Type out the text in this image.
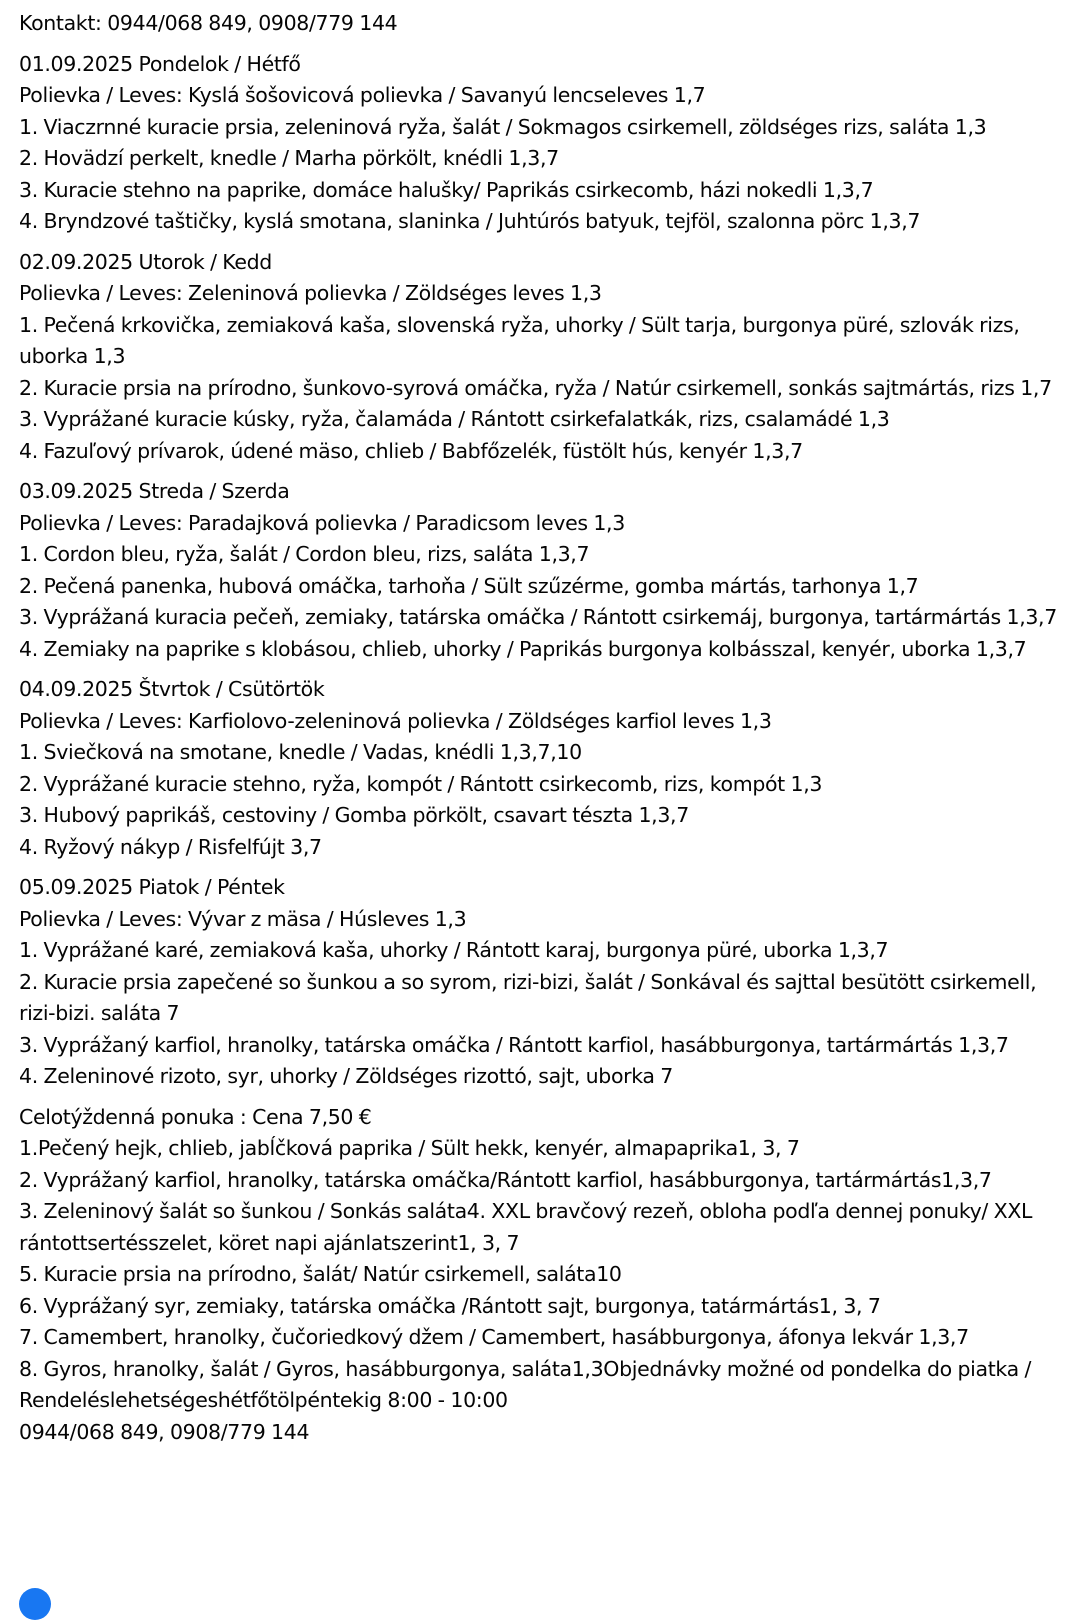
Kontakt: 0944/068 849, 0908/779 144
01.09.2025 Pondelok / Hétfő
Polievka / Leves: Kyslá šošovicová polievka / Savanyú lencseleves 1,7
1. Viaczrnné kuracie prsia, zeleninová ryža, šalát / Sokmagos csirkemell, zöldséges rizs, saláta 1,3
2. Hovädzí perkelt, knedle / Marha pörkölt, knédli 1,3,7
3. Kuracie stehno na paprike, domáce halušky/ Paprikás csirkecomb, házi nokedli 1,3,7
4. Bryndzové taštičky, kyslá smotana, slaninka / Juhtúrós batyuk, tejföl, szalonna pörc 1,3,7
02.09.2025 Utorok / Kedd
Polievka / Leves: Zeleninová polievka / Zöldséges leves 1,3
1. Pečená krkovička, zemiaková kaša, slovenská ryža, uhorky / Sült tarja, burgonya püré, szlovák rizs, uborka 1,3
2. Kuracie prsia na prírodno, šunkovo-syrová omáčka, ryža / Natúr csirkemell, sonkás sajtmártás, rizs 1,7
3. Vyprážané kuracie kúsky, ryža, čalamáda / Rántott csirkefalatkák, rizs, csalamádé 1,3
4. Fazuľový prívarok, údené mäso, chlieb / Babfőzelék, füstölt hús, kenyér 1,3,7
03.09.2025 Streda / Szerda
Polievka / Leves: Paradajková polievka / Paradicsom leves 1,3
1. Cordon bleu, ryža, šalát / Cordon bleu, rizs, saláta 1,3,7
2. Pečená panenka, hubová omáčka, tarhoňa / Sült szűzérme, gomba mártás, tarhonya 1,7
3. Vyprážaná kuracia pečeň, zemiaky, tatárska omáčka / Rántott csirkemáj, burgonya, tartármártás 1,3,7
4. Zemiaky na paprike s klobásou, chlieb, uhorky / Paprikás burgonya kolbásszal, kenyér, uborka 1,3,7
04.09.2025 Štvrtok / Csütörtök
Polievka / Leves: Karfiolovo-zeleninová polievka / Zöldséges karfiol leves 1,3
1. Sviečková na smotane, knedle / Vadas, knédli 1,3,7,10
2. Vyprážané kuracie stehno, ryža, kompót / Rántott csirkecomb, rizs, kompót 1,3
3. Hubový paprikáš, cestoviny / Gomba pörkölt, csavart tészta 1,3,7
4. Ryžový nákyp / Risfelfújt 3,7
05.09.2025 Piatok / Péntek
Polievka / Leves: Vývar z mäsa / Húsleves 1,3
1. Vyprážané karé, zemiaková kaša, uhorky / Rántott karaj, burgonya püré, uborka 1,3,7
2. Kuracie prsia zapečené so šunkou a so syrom, rizi-bizi, šalát / Sonkával és sajttal besütött csirkemell, rizi-bizi. saláta 7
3. Vyprážaný karfiol, hranolky, tatárska omáčka / Rántott karfiol, hasábburgonya, tartármártás 1,3,7
4. Zeleninové rizoto, syr, uhorky / Zöldséges rizottó, sajt, uborka 7
Celotýždenná ponuka : Cena 7,50 €
1.Pečený hejk, chlieb, jabĺčková paprika / Sült hekk, kenyér, almapaprika1, 3, 7
2. Vyprážaný karfiol, hranolky, tatárska omáčka/Rántott karfiol, hasábburgonya, tartármártás1,3,7
3. Zeleninový šalát so šunkou / Sonkás saláta4. XXL bravčový rezeň, obloha podľa dennej ponuky/ XXL rántottsertésszelet, köret napi ajánlatszerint1, 3, 7
5. Kuracie prsia na prírodno, šalát/ Natúr csirkemell, saláta10
6. Vyprážaný syr, zemiaky, tatárska omáčka /Rántott sajt, burgonya, tatármártás1, 3, 7
7. Camembert, hranolky, čučoriedkový džem / Camembert, hasábburgonya, áfonya lekvár 1,3,7
8. Gyros, hranolky, šalát / Gyros, hasábburgonya, saláta1,3Objednávky možné od pondelka do piatka / Rendeléslehetségeshétfőtölpéntekig 8:00 - 10:00
0944/068 849, 0908/779 144
